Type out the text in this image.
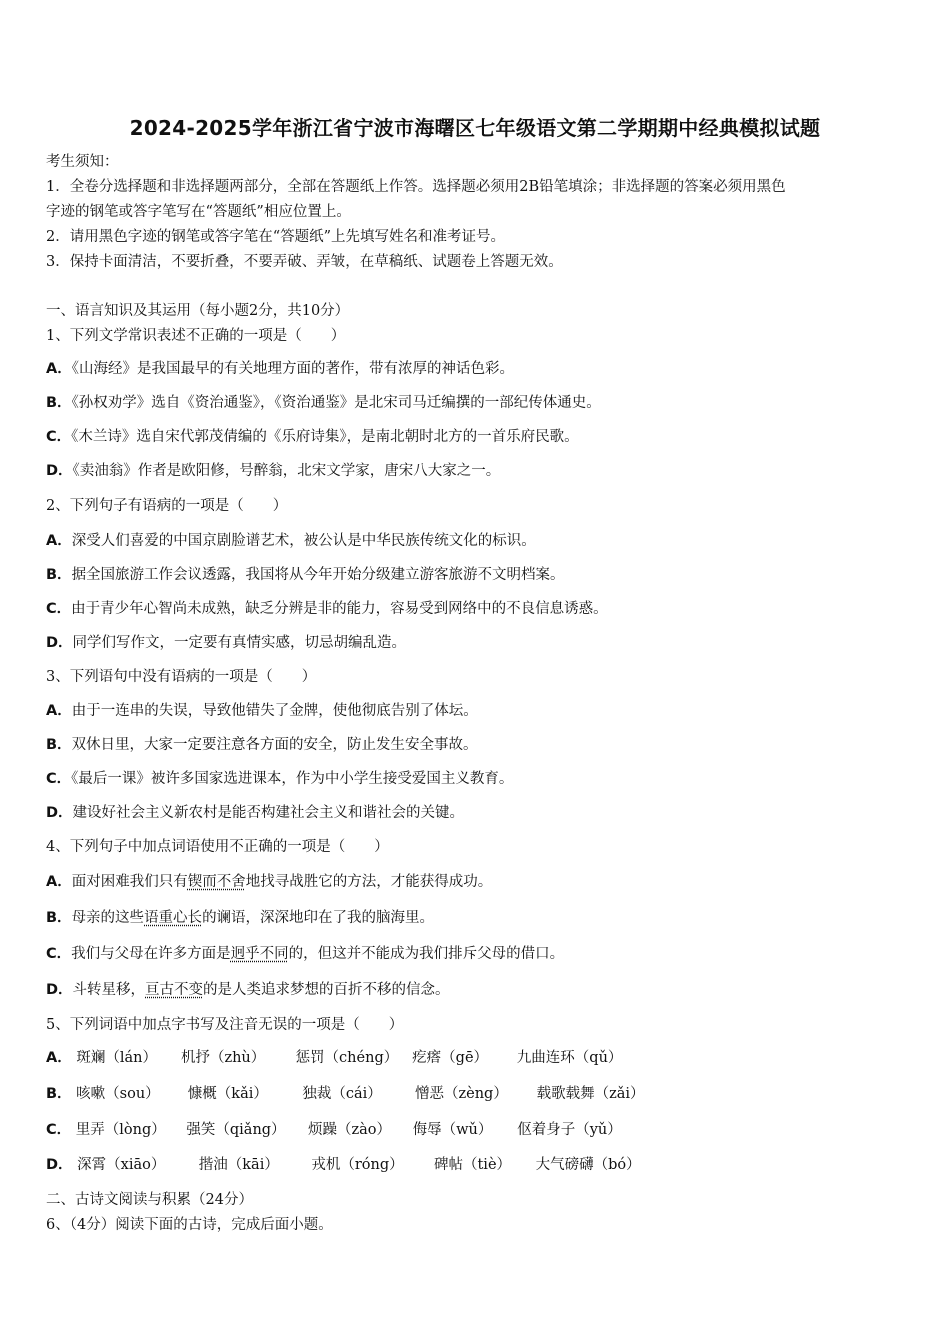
2024-2025学年浙江省宁波市海曙区七年级语文第二学期期中经典模拟试题
考生须知：
1．全卷分选择题和非选择题两部分，全部在答题纸上作答。选择题必须用2B铅笔填涂；非选择题的答案必须用黑色
字迹的钢笔或答字笔写在“答题纸”相应位置上。
2．请用黑色字迹的钢笔或答字笔在“答题纸”上先填写姓名和准考证号。
3．保持卡面清洁，不要折叠，不要弄破、弄皱，在草稿纸、试题卷上答题无效。
一、语言知识及其运用（每小题2分，共10分）
1、下列文学常识表述不正确的一项是（　　）
A．《山海经》是我国最早的有关地理方面的著作，带有浓厚的神话色彩。
B．《孙权劝学》选自《资治通鉴》，《资治通鉴》是北宋司马迁编撰的一部纪传体通史。
C．《木兰诗》选自宋代郭茂倩编的《乐府诗集》，是南北朝时北方的一首乐府民歌。
D．《卖油翁》作者是欧阳修，号醉翁，北宋文学家，唐宋八大家之一。
2、下列句子有语病的一项是（　　）
A．深受人们喜爱的中国京剧脸谱艺术，被公认是中华民族传统文化的标识。
B．据全国旅游工作会议透露，我国将从今年开始分级建立游客旅游不文明档案。
C．由于青少年心智尚未成熟，缺乏分辨是非的能力，容易受到网络中的不良信息诱惑。
D．同学们写作文，一定要有真情实感，切忌胡编乱造。
3、下列语句中没有语病的一项是（　　）
A．由于一连串的失误，导致他错失了金牌，使他彻底告别了体坛。
B．双休日里，大家一定要注意各方面的安全，防止发生安全事故。
C．《最后一课》被许多国家选进课本，作为中小学生接受爱国主义教育。
D．建设好社会主义新农村是能否构建社会主义和谐社会的关键。
4、下列句子中加点词语使用不正确的一项是（　　）
A．面对困难我们只有锲而不舍地找寻战胜它的方法，才能获得成功。
B．母亲的这些语重心长的谰语，深深地印在了我的脑海里。
C．我们与父母在许多方面是迥乎不同的，但这并不能成为我们排斥父母的借口。
D．斗转星移，亘古不变的是人类追求梦想的百折不移的信念。
5、下列词语中加点字书写及注音无误的一项是（　　）
A． 斑斓（lán） 机抒（zhù） 惩罚（chéng） 疙瘩（gē） 九曲连环（qǔ）
B． 咳嗽（sou） 慷概（kǎi） 独裁（cái） 憎恶（zèng） 载歌载舞（zǎi）
C． 里弄（lòng） 强笑（qiǎng） 烦躁（zào） 侮辱（wǔ） 伛着身子（yǔ）
D． 深霄（xiāo） 揩油（kāi） 戎机（róng） 碑帖（tiè） 大气磅礴（bó）
二、古诗文阅读与积累（24分）
6、（4分）阅读下面的古诗，完成后面小题。
